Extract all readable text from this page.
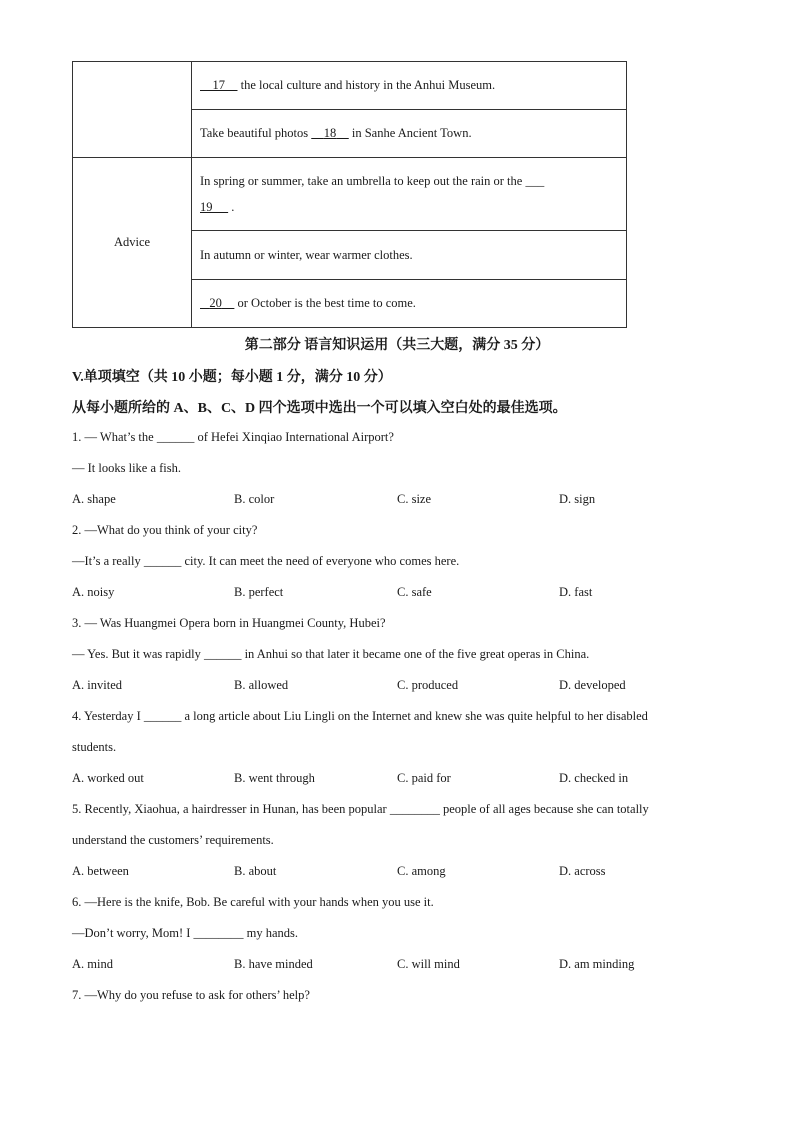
	17     the local culture and history in the Anhui Museum.
	Take beautiful photos     18     in Sanhe Ancient Town.
Advice	In spring or summer, take an umbrella to keep out the rain or the ___
19      .

	In autumn or winter, wear warmer clothes.
	20     or October is the best time to come.
第二部分 语言知识运用（共三大题，满分 35 分）
V.单项填空（共 10 小题；每小题 1 分，满分 10 分）
从每小题所给的 A、B、C、D 四个选项中选出一个可以填入空白处的最佳选项。
1. — What’s the ______ of Hefei Xinqiao International Airport?
— It looks like a fish.
A. shape	B. color	C. size	D. sign
2. —What do you think of your city?
—It’s a really ______ city. It can meet the need of everyone who comes here.
A. noisy	B. perfect	C. safe	D. fast
3. — Was Huangmei Opera born in Huangmei County, Hubei?
— Yes. But it was rapidly ______ in Anhui so that later it became one of the five great operas in China.
A. invited	B. allowed	C. produced	D. developed
4. Yesterday I ______ a long article about Liu Lingli on the Internet and knew she was quite helpful to her disabled
students.
A. worked out	B. went through	C. paid for	D. checked in
5. Recently, Xiaohua, a hairdresser in Hunan, has been popular ________ people of all ages because she can totally
understand the customers’ requirements.
A. between	B. about	C. among	D. across
6. —Here is the knife, Bob. Be careful with your hands when you use it.
—Don’t worry, Mom! I ________ my hands.
A. mind	B. have minded	C. will mind	D. am minding
7. —Why do you refuse to ask for others’ help?
